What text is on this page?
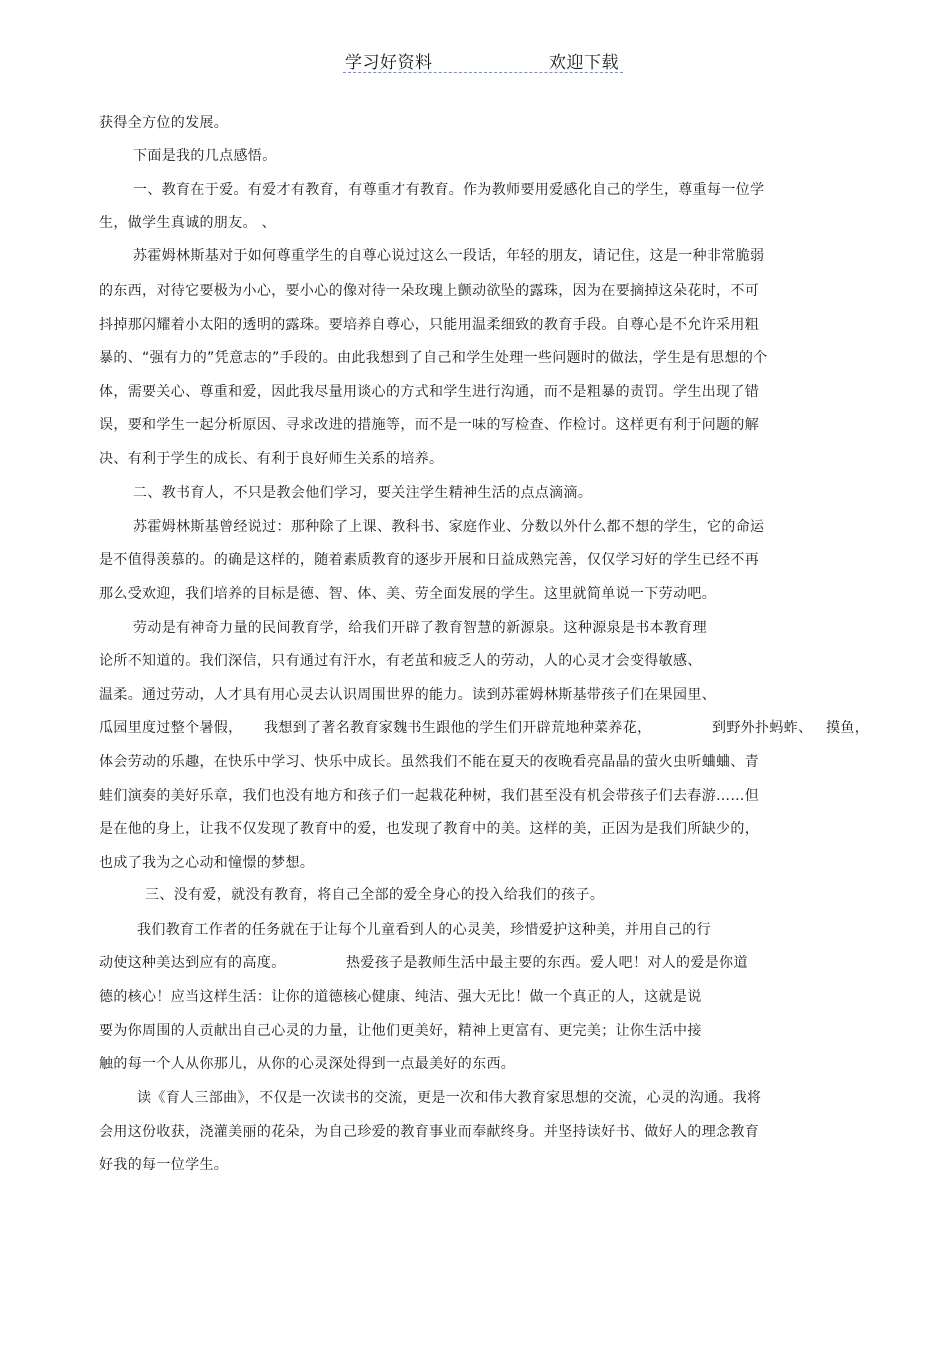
学习好资料	欢迎下载
获得全方位的发展。
下面是我的几点感悟。
一、教育在于爱。有爱才有教育，有尊重才有教育。作为教师要用爱感化自己的学生，尊重每一位学
生，做学生真诚的朋友。 、
苏霍姆林斯基对于如何尊重学生的自尊心说过这么一段话，年轻的朋友，请记住，这是一种非常脆弱
的东西，对待它要极为小心，要小心的像对待一朵玫瑰上颤动欲坠的露珠，因为在要摘掉这朵花时，不可
抖掉那闪耀着小太阳的透明的露珠。要培养自尊心，只能用温柔细致的教育手段。自尊心是不允许采用粗
暴的、“强有力的”凭意志的”手段的。由此我想到了自己和学生处理一些问题时的做法，学生是有思想的个
体，需要关心、尊重和爱，因此我尽量用谈心的方式和学生进行沟通，而不是粗暴的责罚。学生出现了错
误，要和学生一起分析原因、寻求改进的措施等，而不是一味的写检查、作检讨。这样更有利于问题的解
决、有利于学生的成长、有利于良好师生关系的培养。
二、教书育人，不只是教会他们学习，要关注学生精神生活的点点滴滴。
苏霍姆林斯基曾经说过：那种除了上课、教科书、家庭作业、分数以外什么都不想的学生，它的命运
是不值得羡慕的。的确是这样的，随着素质教育的逐步开展和日益成熟完善，仅仅学习好的学生已经不再
那么受欢迎，我们培养的目标是德、智、体、美、劳全面发展的学生。这里就简单说一下劳动吧。
劳动是有神奇力量的民间教育学，给我们开辟了教育智慧的新源泉。这种源泉是书本教育理
论所不知道的。我们深信，只有通过有汗水，有老茧和疲乏人的劳动，人的心灵才会变得敏感、
温柔。通过劳动，人才具有用心灵去认识周围世界的能力。读到苏霍姆林斯基带孩子们在果园里、
瓜园里度过整个暑假， 我想到了著名教育家魏书生跟他的学生们开辟荒地种菜养花，	到野外扑蚂蚱、 摸鱼，
体会劳动的乐趣，在快乐中学习、快乐中成长。虽然我们不能在夏天的夜晚看亮晶晶的萤火虫听蛐蛐、青
蛙们演奏的美好乐章，我们也没有地方和孩子们一起栽花种树，我们甚至没有机会带孩子们去春游……但
是在他的身上，让我不仅发现了教育中的爱，也发现了教育中的美。这样的美，正因为是我们所缺少的，
也成了我为之心动和憧憬的梦想。
三、没有爱，就没有教育，将自己全部的爱全身心的投入给我们的孩子。
我们教育工作者的任务就在于让每个儿童看到人的心灵美，珍惜爱护这种美，并用自己的行
动使这种美达到应有的高度。	热爱孩子是教师生活中最主要的东西。爱人吧！对人的爱是你道
德的核心！应当这样生活：让你的道德核心健康、纯洁、强大无比！做一个真正的人，这就是说
要为你周围的人贡献出自己心灵的力量，让他们更美好，精神上更富有、更完美；让你生活中接
触的每一个人从你那儿，从你的心灵深处得到一点最美好的东西。
读《育人三部曲》，不仅是一次读书的交流，更是一次和伟大教育家思想的交流，心灵的沟通。我将
会用这份收获，浇灌美丽的花朵，为自己珍爱的教育事业而奉献终身。并坚持读好书、做好人的理念教育
好我的每一位学生。
